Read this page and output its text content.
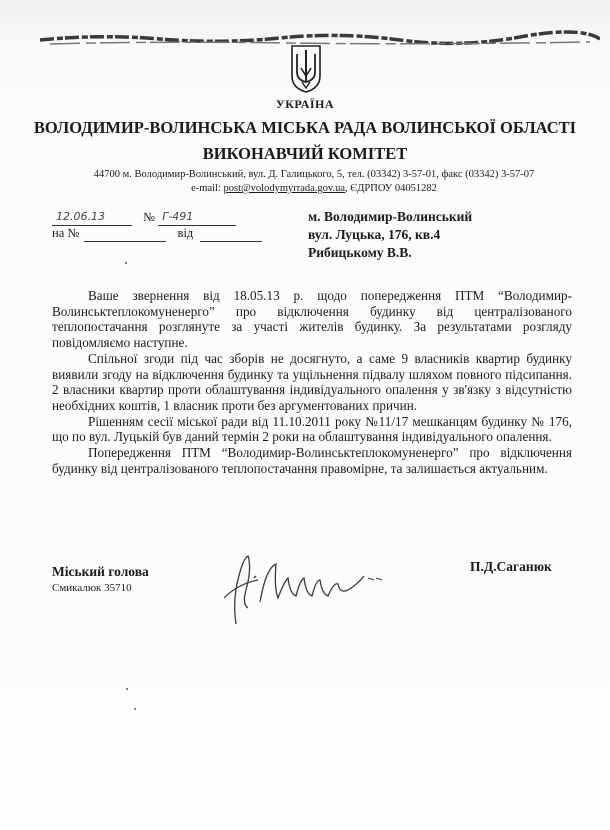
УКРАЇНА
ВОЛОДИМИР-ВОЛИНСЬКА МІСЬКА РАДА ВОЛИНСЬКОЇ ОБЛАСТІ
ВИКОНАВЧИЙ КОМІТЕТ
44700 м. Володимир-Волинський, вул. Д. Галицького, 5, тел. (03342) 3-57-01, факс (03342) 3-57-07
e-mail: post@volodymyrrada.gov.ua, ЄДРПОУ 04051282
12.06.13	№ Г-491
на №	від
м. Володимир-Волинський
вул. Луцька, 176, кв.4
Рибицькому В.В.

Ваше звернення від 18.05.13 р. щодо попередження ПТМ “Володимир-Волинськтеплокомуненерго” про відключення будинку від централізованого теплопостачання розглянуте за участі жителів будинку. За результатами розгляду повідомляємо наступне.

Спільної згоди під час зборів не досягнуто, а саме 9 власників квартир будинку виявили згоду на відключення будинку та ущільнення підвалу шляхом повного підсипання. 2 власники квартир проти облаштування індивідуального опалення у зв'язку з відсутністю необхідних коштів, 1 власник проти без аргументованих причин.

Рішенням сесії міської ради від 11.10.2011 року №11/17 мешканцям будинку № 176, що по вул. Луцькій був даний термін 2 роки на облаштування індивідуального опалення.

Попередження ПТМ “Володимир-Волинськтеплокомуненерго” про відключення будинку від централізованого теплопостачання правомірне, та залишається актуальним.

Міський голова
Смикалюк 35710
П.Д.Саганюк
